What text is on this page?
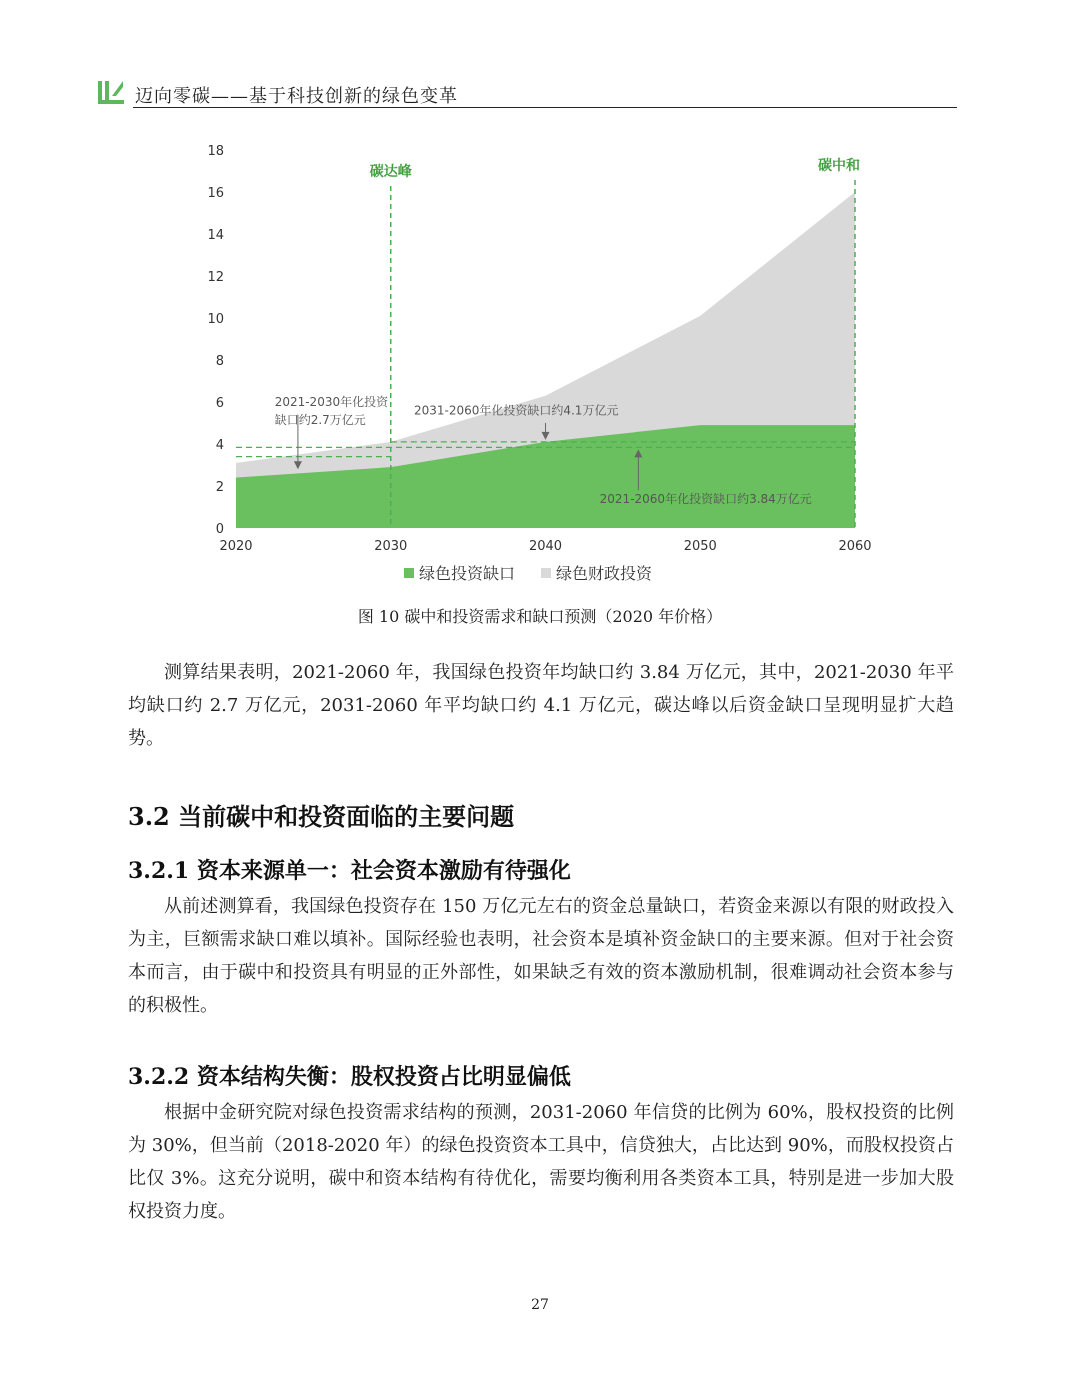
迈向零碳——基于科技创新的绿色变革
0
2
4
6
8
10
12
14
16
18
2020	2030	2040	2050	2060
碳达峰	碳中和
2021-2030年化投资
缺口约2.7万亿元
2031-2060年化投资缺口约4.1万亿元
2021-2060年化投资缺口约3.84万亿元
绿色投资缺口	绿色财政投资
图 10 碳中和投资需求和缺口预测（2020 年价格）

测算结果表明，2021-2060 年，我国绿色投资年均缺口约 3.84 万亿元，其中，2021-2030 年平均缺口约 2.7 万亿元，2031-2060 年平均缺口约 4.1 万亿元，碳达峰以后资金缺口呈现明显扩大趋势。

3.2 当前碳中和投资面临的主要问题
3.2.1 资本来源单一：社会资本激励有待强化

从前述测算看，我国绿色投资存在 150 万亿元左右的资金总量缺口，若资金来源以有限的财政投入为主，巨额需求缺口难以填补。国际经验也表明，社会资本是填补资金缺口的主要来源。但对于社会资本而言，由于碳中和投资具有明显的正外部性，如果缺乏有效的资本激励机制，很难调动社会资本参与的积极性。

3.2.2 资本结构失衡：股权投资占比明显偏低

根据中金研究院对绿色投资需求结构的预测，2031-2060 年信贷的比例为 60%，股权投资的比例为 30%，但当前（2018-2020 年）的绿色投资资本工具中，信贷独大，占比达到 90%，而股权投资占比仅 3%。这充分说明，碳中和资本结构有待优化，需要均衡利用各类资本工具，特别是进一步加大股权投资力度。

27
